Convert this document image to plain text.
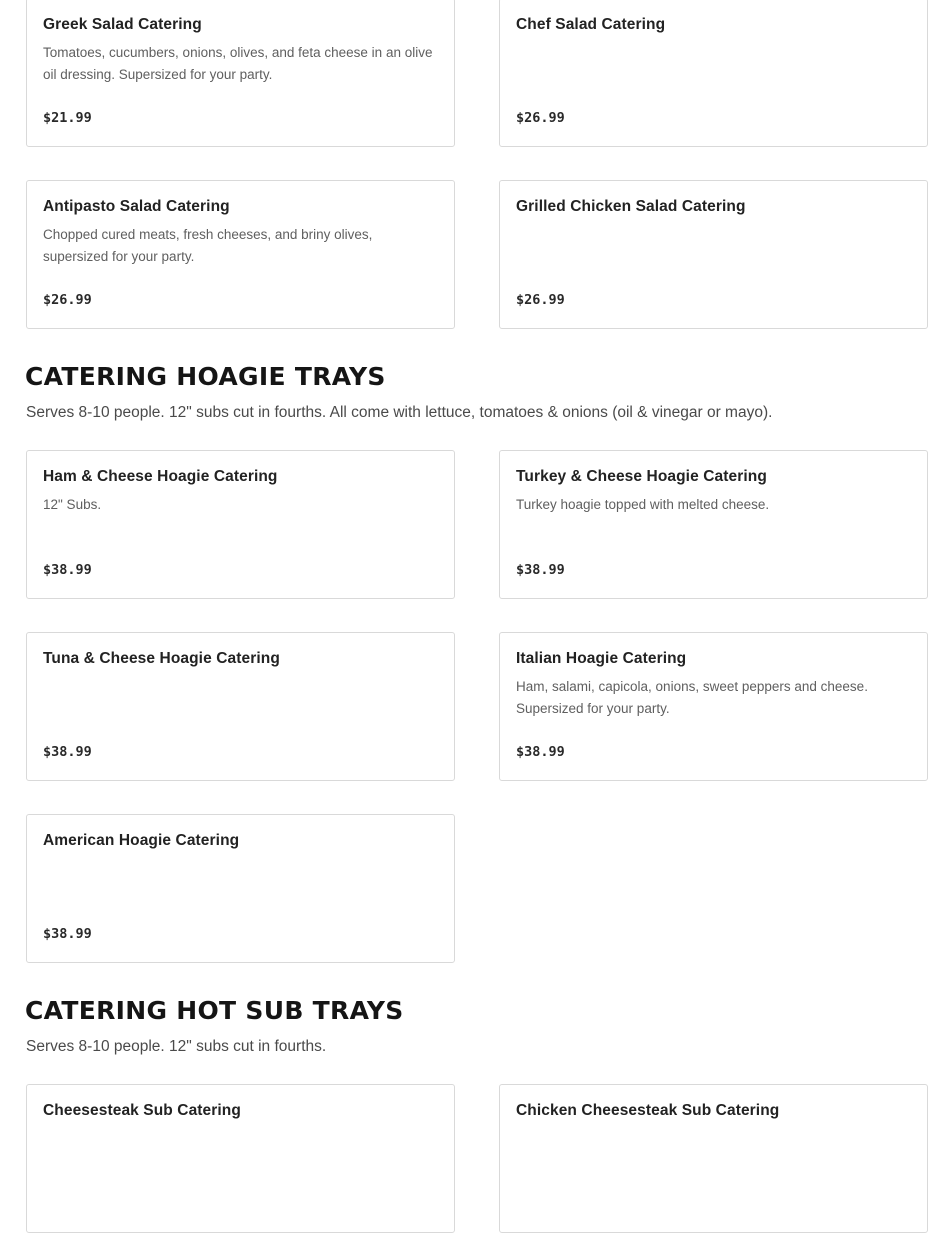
Greek Salad Catering
Tomatoes, cucumbers, onions, olives, and feta cheese in an olive oil dressing. Supersized for your party.
$21.99
Chef Salad Catering
$26.99
Antipasto Salad Catering
Chopped cured meats, fresh cheeses, and briny olives, supersized for your party.
$26.99
Grilled Chicken Salad Catering
$26.99
CATERING HOAGIE TRAYS

Serves 8-10 people. 12" subs cut in fourths. All come with lettuce, tomatoes & onions (oil & vinegar or mayo).

Ham & Cheese Hoagie Catering
12" Subs.
$38.99
Turkey & Cheese Hoagie Catering
Turkey hoagie topped with melted cheese.
$38.99
Tuna & Cheese Hoagie Catering
$38.99
Italian Hoagie Catering
Ham, salami, capicola, onions, sweet peppers and cheese. Supersized for your party.
$38.99
American Hoagie Catering
$38.99
CATERING HOT SUB TRAYS

Serves 8-10 people. 12" subs cut in fourths.

Cheesesteak Sub Catering	Chicken Cheesesteak Sub Catering
